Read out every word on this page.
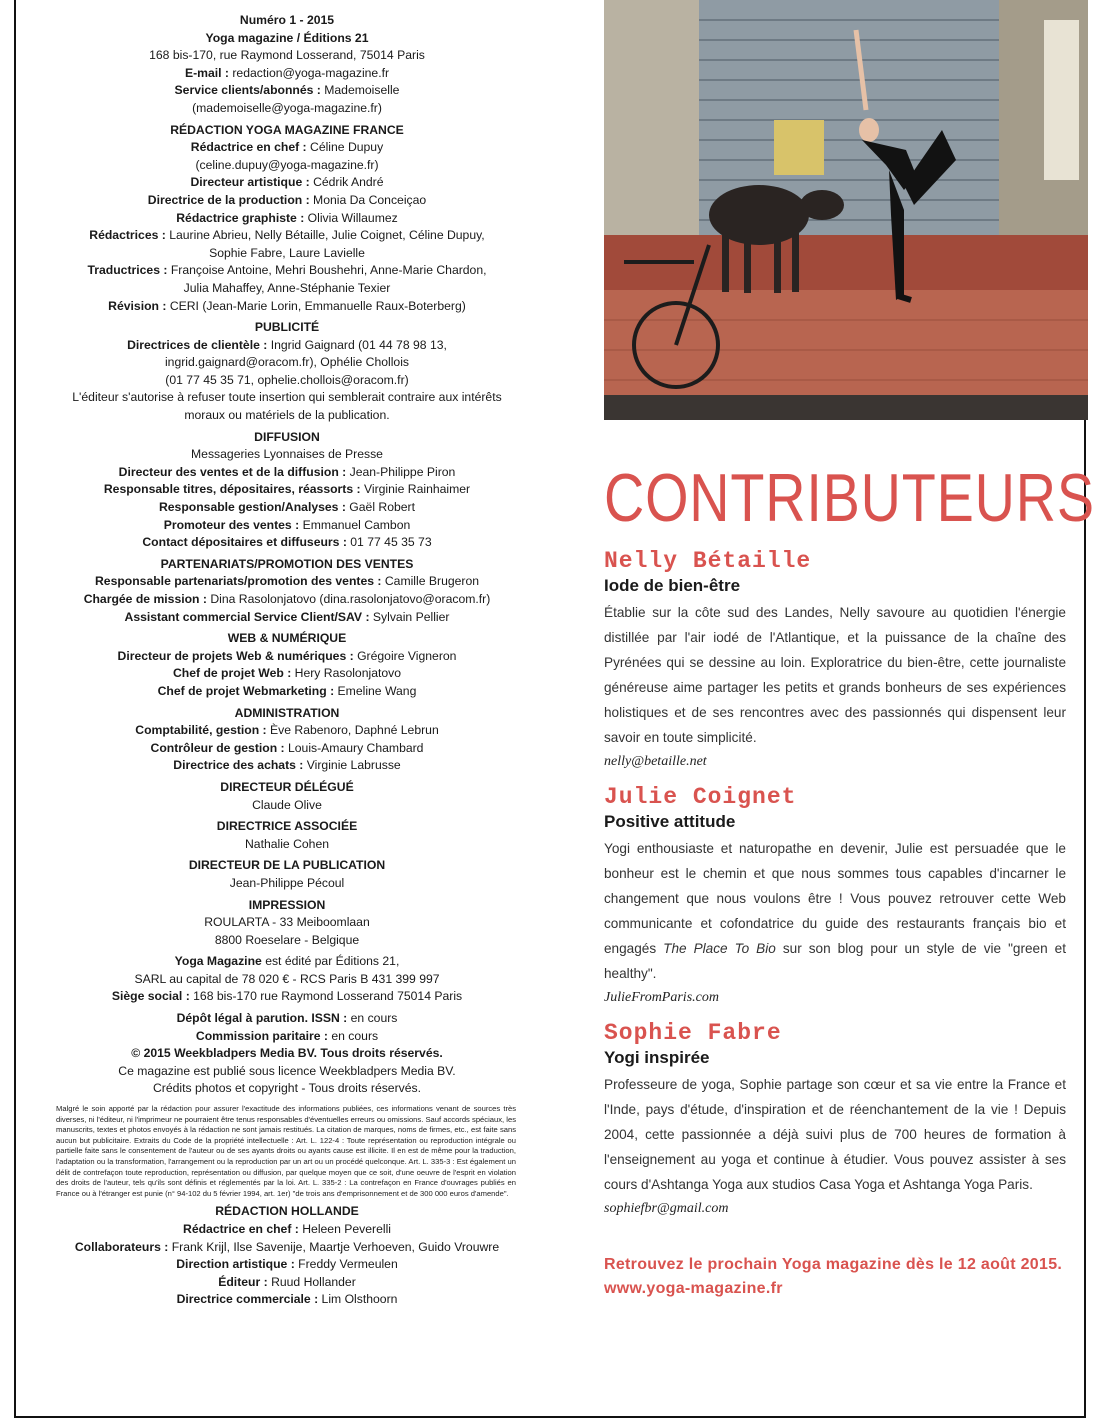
Numéro 1 - 2015
Yoga magazine / Éditions 21
168 bis-170, rue Raymond Losserand, 75014 Paris
E-mail : redaction@yoga-magazine.fr
Service clients/abonnés : Mademoiselle
(mademoiselle@yoga-magazine.fr)
RÉDACTION YOGA MAGAZINE FRANCE
Rédactrice en chef : Céline Dupuy
(celine.dupuy@yoga-magazine.fr)
Directeur artistique : Cédrik André
Directrice de la production : Monia Da Conceiçao
Rédactrice graphiste : Olivia Willaumez
Rédactrices : Laurine Abrieu, Nelly Bétaille, Julie Coignet, Céline Dupuy,
Sophie Fabre, Laure Lavielle
Traductrices : Françoise Antoine, Mehri Boushehri, Anne-Marie Chardon,
Julia Mahaffey, Anne-Stéphanie Texier
Révision : CERI (Jean-Marie Lorin, Emmanuelle Raux-Boterberg)
PUBLICITÉ
Directrices de clientèle : Ingrid Gaignard (01 44 78 98 13,
ingrid.gaignard@oracom.fr), Ophélie Chollois
(01 77 45 35 71, ophelie.chollois@oracom.fr)
L'éditeur s'autorise à refuser toute insertion qui semblerait contraire aux intérêts
moraux ou matériels de la publication.
DIFFUSION
Messageries Lyonnaises de Presse
Directeur des ventes et de la diffusion : Jean-Philippe Piron
Responsable titres, dépositaires, réassorts : Virginie Rainhaimer
Responsable gestion/Analyses : Gaël Robert
Promoteur des ventes : Emmanuel Cambon
Contact dépositaires et diffuseurs : 01 77 45 35 73
PARTENARIATS/PROMOTION DES VENTES
Responsable partenariats/promotion des ventes : Camille Brugeron
Chargée de mission : Dina Rasolonjatovo (dina.rasolonjatovo@oracom.fr)
Assistant commercial Service Client/SAV : Sylvain Pellier
WEB & NUMÉRIQUE
Directeur de projets Web & numériques : Grégoire Vigneron
Chef de projet Web : Hery Rasolonjatovo
Chef de projet Webmarketing : Emeline Wang
ADMINISTRATION
Comptabilité, gestion : Ève Rabenoro, Daphné Lebrun
Contrôleur de gestion : Louis-Amaury Chambard
Directrice des achats : Virginie Labrusse
DIRECTEUR DÉLÉGUÉ
Claude Olive
DIRECTRICE ASSOCIÉE
Nathalie Cohen
DIRECTEUR DE LA PUBLICATION
Jean-Philippe Pécoul
IMPRESSION
ROULARTA - 33 Meiboomlaan
8800 Roeselare - Belgique
Yoga Magazine est édité par Éditions 21,
SARL au capital de 78 020 € - RCS Paris B 431 399 997
Siège social : 168 bis-170 rue Raymond Losserand 75014 Paris
Dépôt légal à parution. ISSN : en cours
Commission paritaire : en cours
© 2015 Weekbladpers Media BV. Tous droits réservés.
Ce magazine est publié sous licence Weekbladpers Media BV.
Crédits photos et copyright - Tous droits réservés.
Malgré le soin apporté par la rédaction pour assurer l'exactitude des informations publiées, ces informations venant de sources très diverses, ni l'éditeur, ni l'imprimeur ne pourraient être tenus responsables d'éventuelles erreurs ou omissions. Sauf accords spéciaux, les manuscrits, textes et photos envoyés à la rédaction ne sont jamais restitués. La citation de marques, noms de firmes, etc., est faite sans aucun but publicitaire. Extraits du Code de la propriété intellectuelle : Art. L. 122-4 : Toute représentation ou reproduction intégrale ou partielle faite sans le consentement de l'auteur ou de ses ayants droits ou ayants cause est illicite. Il en est de même pour la traduction, l'adaptation ou la transformation, l'arrangement ou la reproduction par un art ou un procédé quelconque. Art. L. 335-3 : Est également un délit de contrefaçon toute reproduction, représentation ou diffusion, par quelque moyen que ce soit, d'une oeuvre de l'esprit en violation des droits de l'auteur, tels qu'ils sont définis et réglementés par la loi. Art. L. 335-2 : La contrefaçon en France d'ouvrages publiés en France ou à l'étranger est punie (n° 94-102 du 5 février 1994, art. 1er) "de trois ans d'emprisonnement et de 300 000 euros d'amende".
RÉDACTION HOLLANDE
Rédactrice en chef : Heleen Peverelli
Collaborateurs : Frank Krijl, Ilse Savenije, Maartje Verhoeven, Guido Vrouwre
Direction artistique : Freddy Vermeulen
Éditeur : Ruud Hollander
Directrice commerciale : Lim Olsthoorn
CONTRIBUTEURS
Nelly Bétaille
Iode de bien-être
Établie sur la côte sud des Landes, Nelly savoure au quotidien l'énergie distillée par l'air iodé de l'Atlantique, et la puissance de la chaîne des Pyrénées qui se dessine au loin. Exploratrice du bien-être, cette journaliste généreuse aime partager les petits et grands bonheurs de ses expériences holistiques et de ses rencontres avec des passionnés qui dispensent leur savoir en toute simplicité.
nelly@betaille.net
Julie Coignet
Positive attitude
Yogi enthousiaste et naturopathe en devenir, Julie est persuadée que le bonheur est le chemin et que nous sommes tous capables d'incarner le changement que nous voulons être ! Vous pouvez retrouver cette Web communicante et cofondatrice du guide des restaurants français bio et engagés The Place To Bio sur son blog pour un style de vie "green et healthy".
JulieFromParis.com
Sophie Fabre
Yogi inspirée
Professeure de yoga, Sophie partage son cœur et sa vie entre la France et l'Inde, pays d'étude, d'inspiration et de réenchantement de la vie ! Depuis 2004, cette passionnée a déjà suivi plus de 700 heures de formation à l'enseignement au yoga et continue à étudier. Vous pouvez assister à ses cours d'Ashtanga Yoga aux studios Casa Yoga et Ashtanga Yoga Paris.
sophiefbr@gmail.com
Retrouvez le prochain Yoga magazine dès le 12 août 2015.
www.yoga-magazine.fr
